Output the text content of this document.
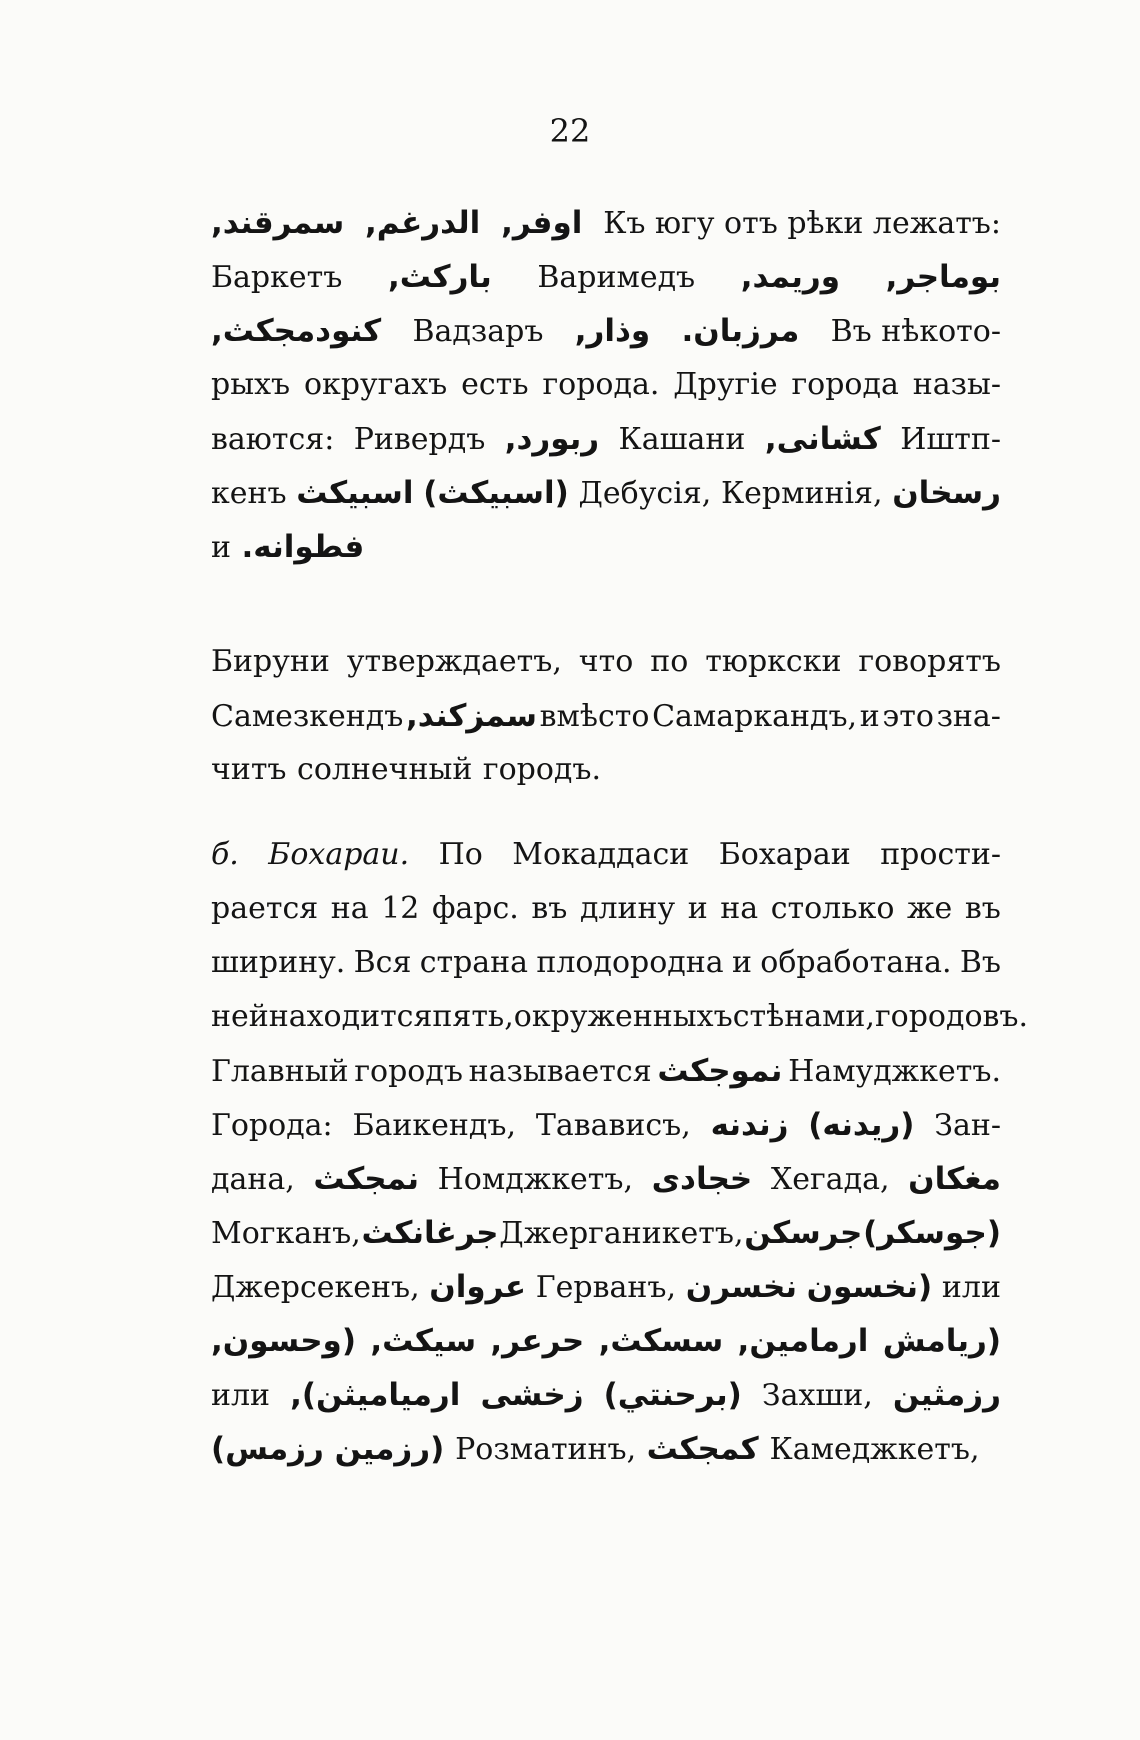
22
سمرقند, الدرغم, اوفر, Къ югу отъ рѣки лежатъ:
Баркетъ بارکث, Варимедъ وريمد, بوماجر,
کنودمجکث, Вадзаръ وذار, مرزبان. Въ нѣкото-
рыхъ округахъ есть города. Другіе города назы-
ваются: Ривердъ ربورد, Кашани كشانى, Иштп-
кенъ اسبيكث (اسبيكث) Дебусія, Керминія, رسخان
и فطوانه.
Бируни утверждаетъ, что по тюркски говорятъ
Самезкендъ سمزكند, вмѣсто Самаркандъ, и это зна-
читъ солнечный городъ.
б. Бохараи. По Мокаддаси Бохараи прости-
рается на 12 фарс. въ длину и на столько же въ
ширину. Вся страна плодородна и обработана. Въ
ней находится пять, окруженныхъ стѣнами, городовъ.
Главный городъ называется نموجكث Намуджкетъ.
Города: Баикендъ, Тавависъ, زندنه (ريدنه) Зан-
дана, نمجكث Номджкетъ, خجادى Хегада, مغكان
Могканъ, جرغانكث Джерганикетъ, جرسكن (جوسكر)
Джерсекенъ, عروان Герванъ, نخسرن (نخسون или
(وحسون, سيكث, حرعر, سسكث, ارمامين, (ريامش
или ارمياميثن), زخشى (برحنتي) Захши, رزمثين
(رزمين رزمس) Розматинъ, كمجكث Камеджкетъ,
